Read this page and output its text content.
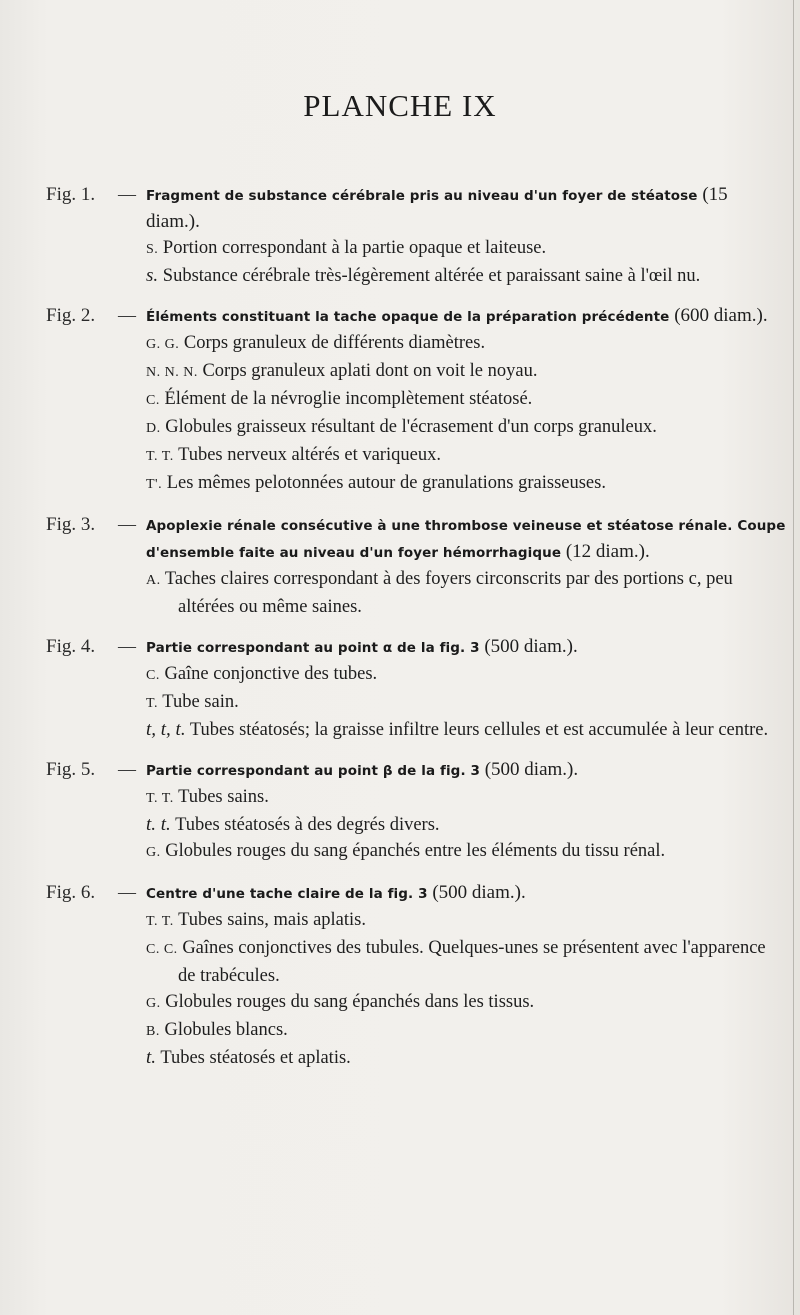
PLANCHE IX
Fig. 1.	— Fragment de substance cérébrale pris au niveau d'un foyer de stéatose (15 diam.).
S. Portion correspondant à la partie opaque et laiteuse.
s. Substance cérébrale très-légèrement altérée et paraissant saine à l'œil nu.
Fig. 2.	— Éléments constituant la tache opaque de la préparation précédente (600 diam.).
G. G. Corps granuleux de différents diamètres.
N. N. N. Corps granuleux aplati dont on voit le noyau.
C. Élément de la névroglie incomplètement stéatosé.
D. Globules graisseux résultant de l'écrasement d'un corps granuleux.
T. T. Tubes nerveux altérés et variqueux.
T'. Les mêmes pelotonnées autour de granulations graisseuses.
Fig. 3.	— Apoplexie rénale consécutive à une thrombose veineuse et stéatose rénale. Coupe d'ensemble faite au niveau d'un foyer hémorrhagique (12 diam.).
A. Taches claires correspondant à des foyers circonscrits par des portions c, peu altérées ou même saines.
Fig. 4.	— Partie correspondant au point α de la fig. 3 (500 diam.).
C. Gaîne conjonctive des tubes.
T. Tube sain.
t, t, t. Tubes stéatosés; la graisse infiltre leurs cellules et est accumulée à leur centre.
Fig. 5.	— Partie correspondant au point β de la fig. 3 (500 diam.).
T. T. Tubes sains.
t. t. Tubes stéatosés à des degrés divers.
G. Globules rouges du sang épanchés entre les éléments du tissu rénal.
Fig. 6.	— Centre d'une tache claire de la fig. 3 (500 diam.).
T. T. Tubes sains, mais aplatis.
C. C. Gaînes conjonctives des tubules. Quelques-unes se présentent avec l'apparence de trabécules.
G. Globules rouges du sang épanchés dans les tissus.
B. Globules blancs.
t. Tubes stéatosés et aplatis.
